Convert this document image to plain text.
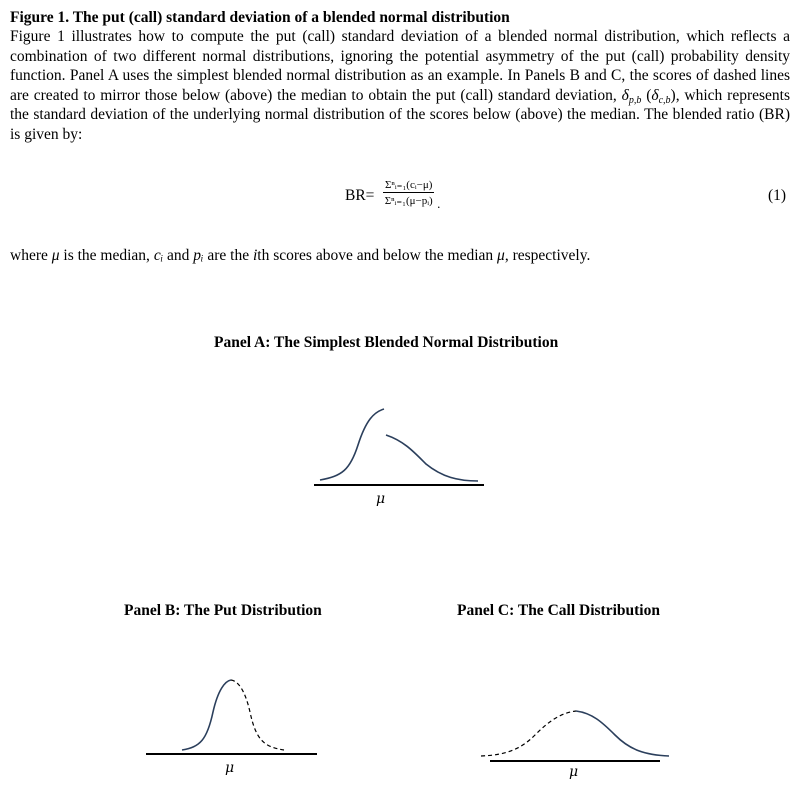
Figure 1. The put (call) standard deviation of a blended normal distribution
Figure 1 illustrates how to compute the put (call) standard deviation of a blended normal distribution, which reflects a combination of two different normal distributions, ignoring the potential asymmetry of the put (call) probability density function. Panel A uses the simplest blended normal distribution as an example. In Panels B and C, the scores of dashed lines are created to mirror those below (above) the median to obtain the put (call) standard deviation, $\delta_{p,b}$ $(\delta_{c,b})$, which represents the standard deviation of the underlying normal distribution of the scores below (above) the median. The blended ratio (BR) is given by:
BR=
Σⁿᵢ₌₁(cᵢ−μ)
Σⁿᵢ₌₁(μ−pᵢ) .	(1)
where μ is the median, cᵢ and pᵢ are the ith scores above and below the median μ, respectively.
Panel A: The Simplest Blended Normal Distribution
Panel B: The Put Distribution	Panel C: The Call Distribution
μ
μ	μ
